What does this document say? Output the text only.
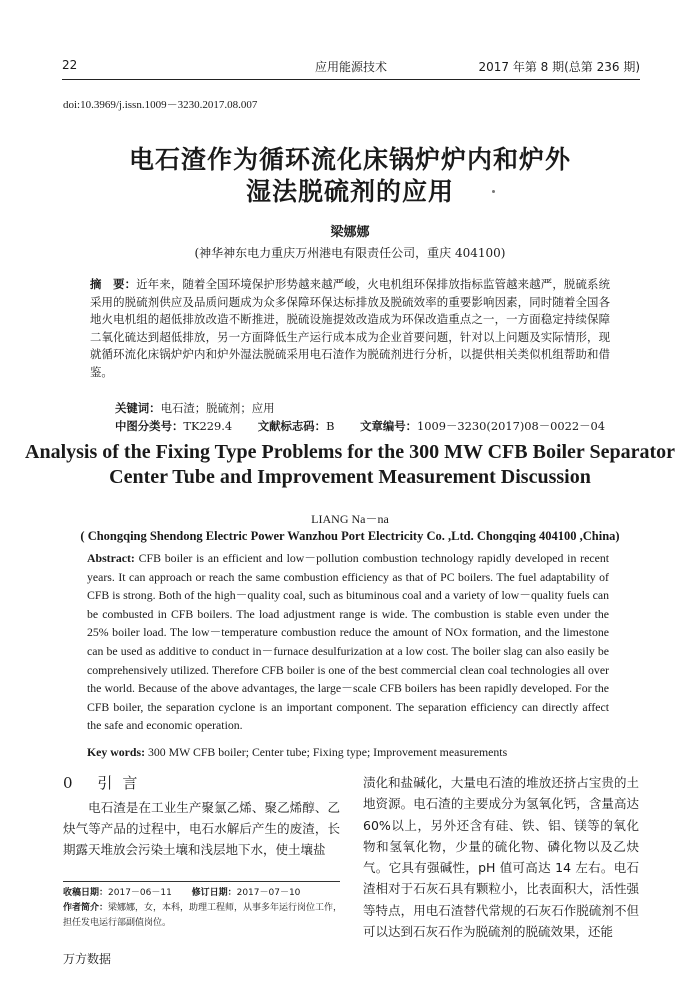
22	应用能源技术	2017 年第 8 期(总第 236 期)
doi:10.3969/j.issn.1009－3230.2017.08.007
电石渣作为循环流化床锅炉炉内和炉外
湿法脱硫剂的应用
梁娜娜
(神华神东电力重庆万州港电有限责任公司，重庆 404100)
摘　要：近年来，随着全国环境保护形势越来越严峻，火电机组环保排放指标监管越来越严，脱硫系统采用的脱硫剂供应及品质问题成为众多保障环保达标排放及脱硫效率的重要影响因素，同时随着全国各地火电机组的超低排放改造不断推进，脱硫设施提效改造成为环保改造重点之一，一方面稳定持续保障二氧化硫达到超低排放，另一方面降低生产运行成本成为企业首要问题，针对以上问题及实际情形，现就循环流化床锅炉炉内和炉外湿法脱硫采用电石渣作为脱硫剂进行分析，以提供相关类似机组帮助和借鉴。
关键词：电石渣；脱硫剂；应用
中图分类号：TK229.4 文献标志码：B 文章编号：1009－3230(2017)08－0022－04
Analysis of the Fixing Type Problems for the 300 MW CFB Boiler Separator
Center Tube and Improvement Measurement Discussion
LIANG Na－na
( Chongqing Shendong Electric Power Wanzhou Port Electricity Co. ,Ltd. Chongqing 404100 ,China)
Abstract: CFB boiler is an efficient and low－pollution combustion technology rapidly developed in recent years. It can approach or reach the same combustion efficiency as that of PC boilers. The fuel adaptability of CFB is strong. Both of the high－quality coal, such as bituminous coal and a variety of low－quality fuels can be combusted in CFB boilers. The load adjustment range is wide. The combustion is stable even under the 25% boiler load. The low－temperature combustion reduce the amount of NOx formation, and the limestone can be used as additive to conduct in－furnace desulfurization at a low cost. The boiler slag can also easily be comprehensively utilized. Therefore CFB boiler is one of the best commercial clean coal technologies all over the world. Because of the above advantages, the large－scale CFB boilers has been rapidly developed. For the CFB boiler, the separation cyclone is an important component. The separation efficiency can directly affect the safe and economic operation.
Key words: 300 MW CFB boiler; Center tube; Fixing type; Improvement measurements
0 引言
电石渣是在工业生产聚氯乙烯、聚乙烯醇、乙炔气等产品的过程中，电石水解后产生的废渣，长期露天堆放会污染土壤和浅层地下水，使土壤盐
渍化和盐碱化，大量电石渣的堆放还挤占宝贵的土地资源。电石渣的主要成分为氢氧化钙，含量高达60%以上，另外还含有硅、铁、铝、镁等的氧化物和氢氧化物，少量的硫化物、磷化物以及乙炔气。它具有强碱性，pH 值可高达 14 左右。电石渣相对于石灰石具有颗粒小，比表面积大，活性强等特点，用电石渣替代常规的石灰石作脱硫剂不但可以达到石灰石作为脱硫剂的脱硫效果，还能
收稿日期：2017－06－11 修订日期：2017－07－10
作者简介：梁娜娜，女，本科，助理工程师，从事多年运行岗位工作，担任发电运行部副值岗位。
万方数据
